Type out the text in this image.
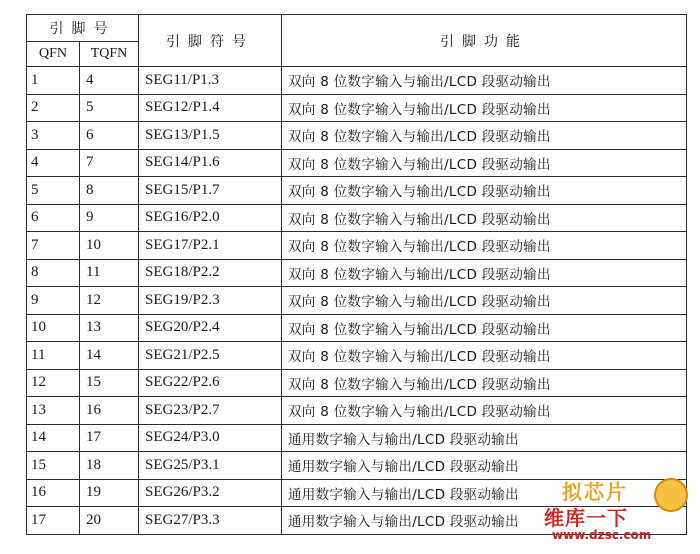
引脚号		引脚符号	引脚功能
QFN	TQFN		
1	4	SEG11/P1.3	双向 8 位数字输入与输出/LCD 段驱动输出
2	5	SEG12/P1.4	双向 8 位数字输入与输出/LCD 段驱动输出
3	6	SEG13/P1.5	双向 8 位数字输入与输出/LCD 段驱动输出
4	7	SEG14/P1.6	双向 8 位数字输入与输出/LCD 段驱动输出
5	8	SEG15/P1.7	双向 8 位数字输入与输出/LCD 段驱动输出
6	9	SEG16/P2.0	双向 8 位数字输入与输出/LCD 段驱动输出
7	10	SEG17/P2.1	双向 8 位数字输入与输出/LCD 段驱动输出
8	11	SEG18/P2.2	双向 8 位数字输入与输出/LCD 段驱动输出
9	12	SEG19/P2.3	双向 8 位数字输入与输出/LCD 段驱动输出
10	13	SEG20/P2.4	双向 8 位数字输入与输出/LCD 段驱动输出
11	14	SEG21/P2.5	双向 8 位数字输入与输出/LCD 段驱动输出
12	15	SEG22/P2.6	双向 8 位数字输入与输出/LCD 段驱动输出
13	16	SEG23/P2.7	双向 8 位数字输入与输出/LCD 段驱动输出
14	17	SEG24/P3.0	通用数字输入与输出/LCD 段驱动输出
15	18	SEG25/P3.1	通用数字输入与输出/LCD 段驱动输出
16	19	SEG26/P3.2	通用数字输入与输出/LCD 段驱动输出
17	20	SEG27/P3.3	通用数字输入与输出/LCD 段驱动输出
拟芯片
维库一下
www.dzsc.com
